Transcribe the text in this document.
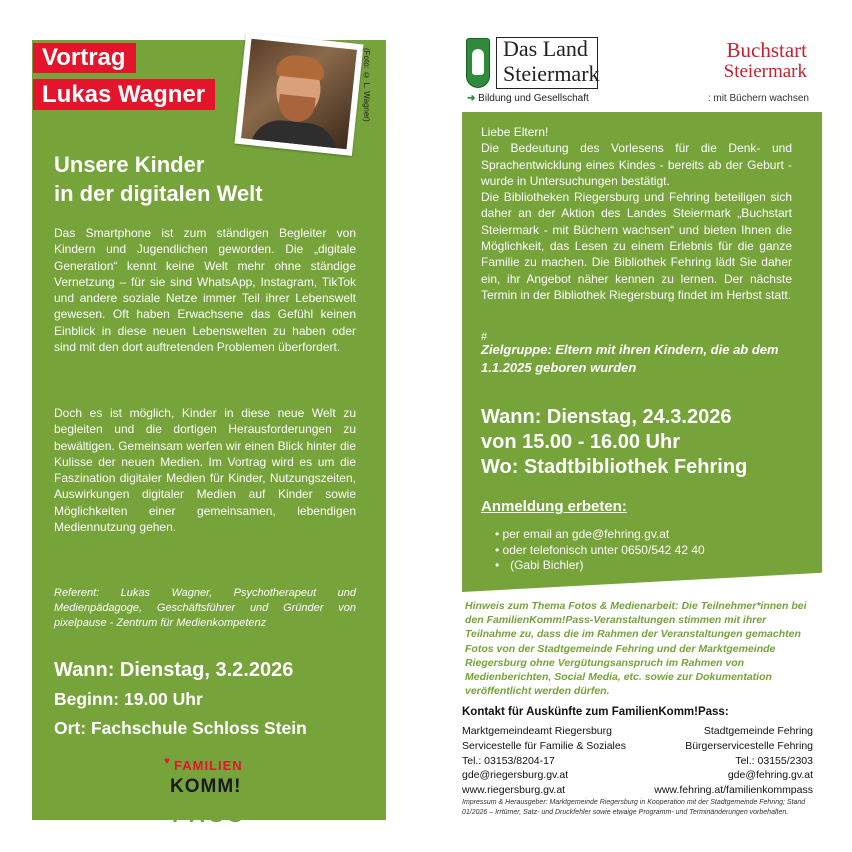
Vortrag
Lukas Wagner	(Foto: © L. Wagner)
Unsere Kinder
in der digitalen Welt
Das Smartphone ist zum ständigen Begleiter von Kindern und Jugendlichen geworden. Die „digitale Generation“ kennt keine Welt mehr ohne ständige Vernetzung – für sie sind WhatsApp, Instagram, TikTok und andere soziale Netze immer Teil ihrer Lebenswelt gewesen. Oft haben Erwachsene das Gefühl keinen Einblick in diese neuen Lebenswelten zu haben oder sind mit den dort auftretenden Problemen überfordert.
Doch es ist möglich, Kinder in diese neue Welt zu begleiten und die dortigen Herausforderungen zu bewältigen. Gemeinsam werfen wir einen Blick hinter die Kulisse der neuen Medien. Im Vortrag wird es um die Faszination digitaler Medien für Kinder, Nutzungszeiten, Auswirkungen digitaler Medien auf Kinder sowie Möglichkeiten einer gemeinsamen, lebendigen Mediennutzung gehen.
Referent: Lukas Wagner, Psychotherapeut und Medienpädagoge, Geschäftsführer und Gründer von pixelpause - Zentrum für Medienkompetenz
Wann: Dienstag, 3.2.2026
Beginn: 19.00 Uhr
Ort: Fachschule Schloss Stein
♥ FAMILIEN
KOMM!
PASS
Das Land
Steiermark
➜ Bildung und Gesellschaft
Buchstart
Steiermark
: mit Büchern wachsen
Liebe Eltern!
Die Bedeutung des Vorlesens für die Denk- und Sprachentwicklung eines Kindes - bereits ab der Geburt - wurde in Untersuchungen bestätigt.
Die Bibliotheken Riegersburg und Fehring beteiligen sich daher an der Aktion des Landes Steiermark „Buchstart Steiermark - mit Büchern wachsen“ und bieten Ihnen die Möglichkeit, das Lesen zu einem Erlebnis für die ganze Familie zu machen. Die Bibliothek Fehring lädt Sie daher ein, ihr Angebot näher kennen zu lernen. Der nächste Termin in der Bibliothek Riegersburg findet im Herbst statt.
#
Zielgruppe: Eltern mit ihren Kindern, die ab dem 1.1.2025 geboren wurden
Wann: Dienstag, 24.3.2026
von 15.00 - 16.00 Uhr
Wo: Stadtbibliothek Fehring
Anmeldung erbeten:
• per email an gde@fehring.gv.at
• oder telefonisch unter 0650/542 42 40
• (Gabi Bichler)
Hinweis zum Thema Fotos & Medienarbeit: Die Teilnehmer*innen bei den FamilienKomm!Pass-Veranstaltungen stimmen mit ihrer Teilnahme zu, dass die im Rahmen der Veranstaltungen gemachten Fotos von der Stadtgemeinde Fehring und der Marktgemeinde Riegersburg ohne Vergütungsanspruch im Rahmen von Medienberichten, Social Media, etc. sowie zur Dokumentation veröffentlicht werden dürfen.
Kontakt für Auskünfte zum FamilienKomm!Pass:
Marktgemeindeamt Riegersburg
Servicestelle für Familie & Soziales
Tel.: 03153/8204-17
gde@riegersburg.gv.at
www.riegersburg.gv.at
Stadtgemeinde Fehring
Bürgerservicestelle Fehring
Tel.: 03155/2303
gde@fehring.gv.at
www.fehring.at/familienkommpass
Impressum & Herausgeber: Marktgemeinde Riegersburg in Kooperation mit der Stadtgemeinde Fehring; Stand 01/2026 – Irrtümer, Satz- und Druckfehler sowie etwaige Programm- und Terminänderungen vorbehalten.
